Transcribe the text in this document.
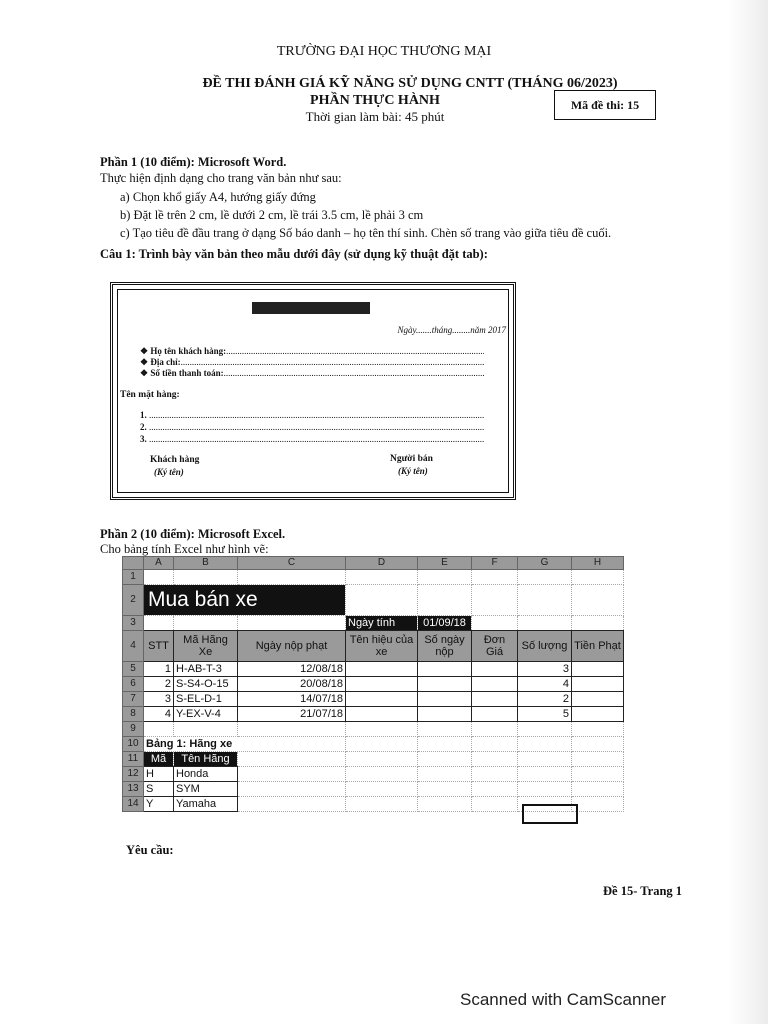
TRƯỜNG ĐẠI HỌC THƯƠNG MẠI
ĐỀ THI ĐÁNH GIÁ KỸ NĂNG SỬ DỤNG CNTT (THÁNG 06/2023)
PHẦN THỰC HÀNH
Thời gian làm bài: 45 phút
Mã đề thi: 15
Phần 1 (10 điểm): Microsoft Word.
Thực hiện định dạng cho trang văn bản như sau:
a) Chọn khổ giấy A4, hướng giấy đứng
b) Đặt lề trên 2 cm, lề dưới 2 cm, lề trái 3.5 cm, lề phải 3 cm
c) Tạo tiêu đề đầu trang ở dạng Số báo danh – họ tên thí sinh. Chèn số trang vào giữa tiêu đề cuối.
Câu 1: Trình bày văn bản theo mẫu dưới đây (sử dụng kỹ thuật đặt tab):
Ngày.......tháng........năm 2017
❖ Họ tên khách hàng: .....
❖ Địa chỉ: .....
❖ Số tiền thanh toán: .....
Tên mặt hàng:
1. .....
2. .....
3. .....
Khách hàng
(Ký tên)
Người bán
(Ký tên)
Phần 2 (10 điểm): Microsoft Excel.
Cho bảng tính Excel như hình vẽ:
	A	B	C	D	E	F	G	H
1								
2	Mua bán xe							
3				Ngày tính	01/09/18			
4	STT	Mã Hãng Xe	Ngày nộp phạt	Tên hiệu của xe	Số ngày nộp	Đơn Giá	Số lượng	Tiền Phạt
5	1	H-AB-T-3	12/08/18				3	
6	2	S-S4-O-15	20/08/18				4	
7	3	S-EL-D-1	14/07/18				2	
8	4	Y-EX-V-4	21/07/18				5	
9								
10	Bảng 1: Hãng xe							
11	Mã	Tên Hãng						
12	H	Honda						
13	S	SYM						
14	Y	Yamaha						
Yêu cầu:
Đề 15- Trang 1
Scanned with CamScanner
